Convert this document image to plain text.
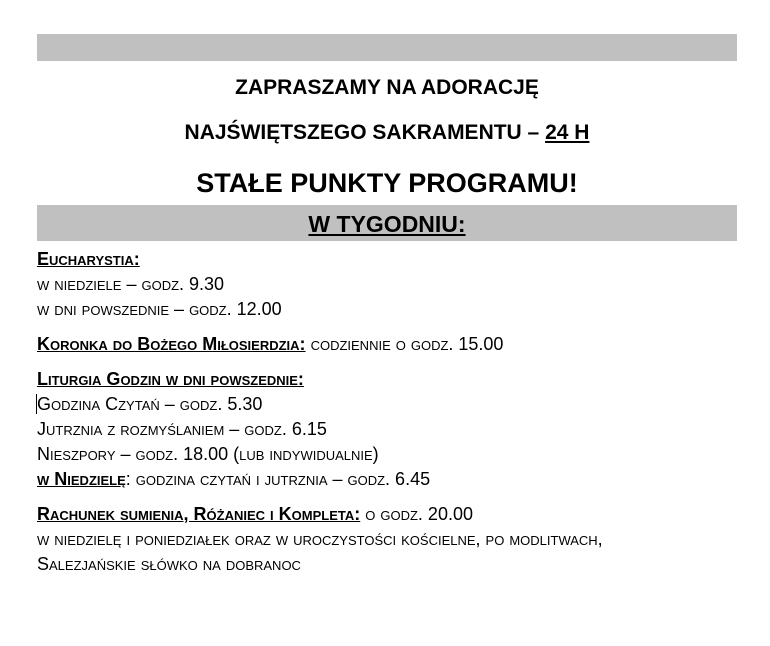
ZAPRASZAMY NA ADORACJĘ
NAJŚWIĘTSZEGO SAKRAMENTU – 24 H
STAŁE PUNKTY PROGRAMU!
W TYGODNIU:
Eucharystia:
w niedziele – godz. 9.30
w dni powszednie – godz. 12.00
Koronka do Bożego Miłosierdzia: codziennie o godz. 15.00
Liturgia Godzin w dni powszednie:
Godzina Czytań – godz. 5.30
Jutrznia z rozmyślaniem – godz. 6.15
Nieszpory – godz. 18.00 (lub indywidualnie)
w Niedzielę: godzina czytań i jutrznia – godz. 6.45
Rachunek sumienia, Różaniec i Kompleta: o godz. 20.00
w niedzielę i poniedziałek oraz w uroczystości kościelne, po modlitwach,
Salezjańskie słówko na dobranoc
